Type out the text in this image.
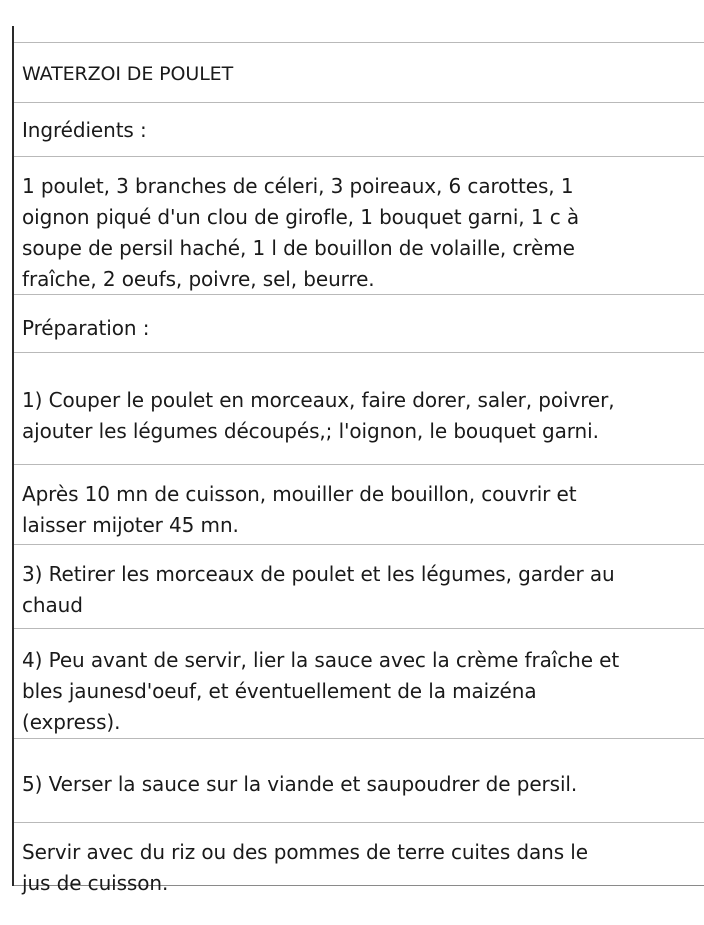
WATERZOI DE POULET

Ingrédients :

1 poulet, 3 branches de céleri, 3 poireaux, 6 carottes, 1

oignon piqué d'un clou de girofle, 1 bouquet garni, 1 c à

soupe de persil haché, 1 l de bouillon de volaille, crème

fraîche, 2 oeufs, poivre, sel, beurre.

Préparation :

1) Couper le poulet en morceaux, faire dorer, saler, poivrer,

ajouter les légumes découpés,; l'oignon, le bouquet garni.

Après 10 mn de cuisson, mouiller de bouillon, couvrir et

laisser mijoter 45 mn.

3) Retirer les morceaux de poulet et les légumes, garder au

chaud

4) Peu avant de servir, lier la sauce avec la crème fraîche et

bles jaunesd'oeuf, et éventuellement de la maizéna

(express).

5) Verser la sauce sur la viande et saupoudrer de persil.

Servir avec du riz ou des pommes de terre cuites dans le

jus de cuisson.
